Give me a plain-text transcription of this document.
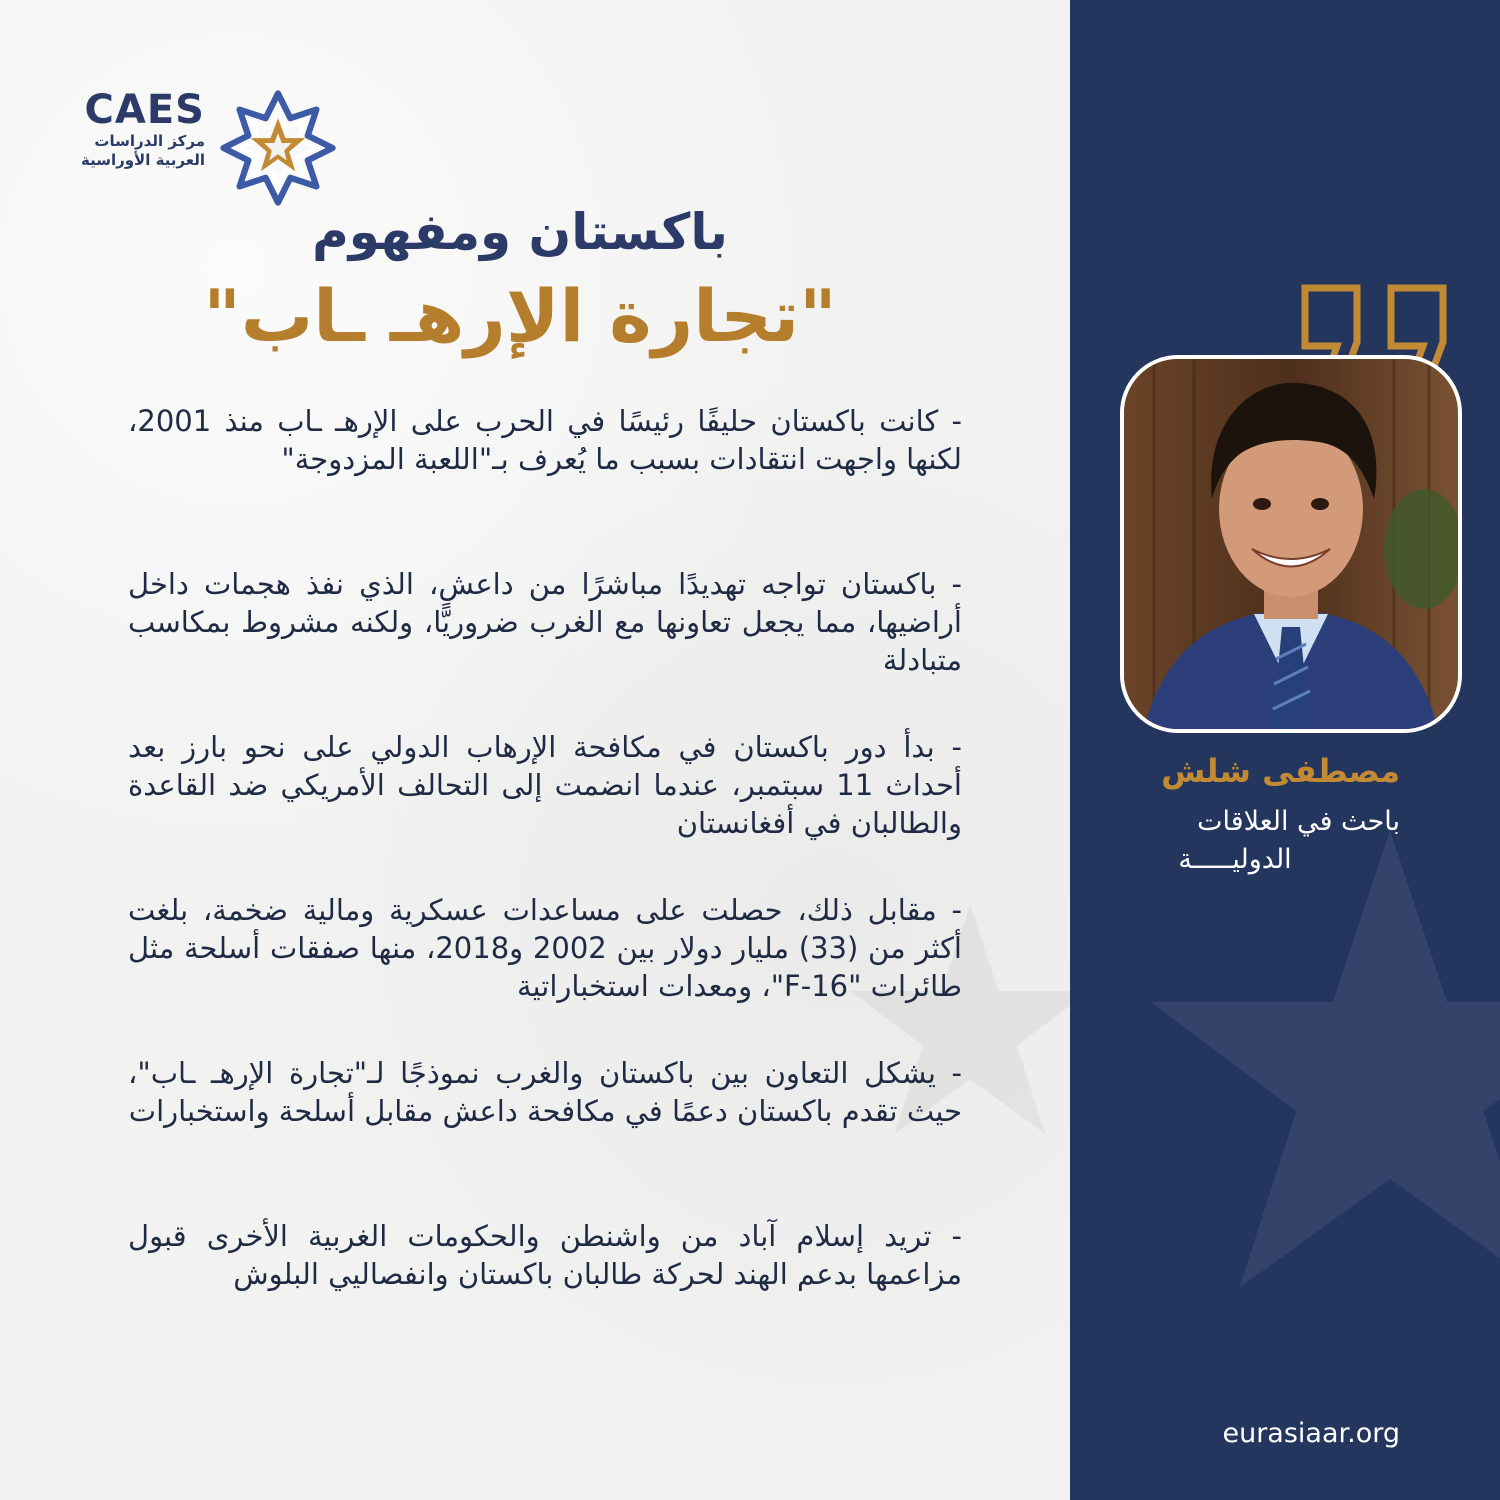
CAES
مركز الدراسات
العربية الأوراسية
باكستان ومفهوم
"تجارة الإرهـ ـاب"

- كانت باكستان حليفًا رئيسًا في الحرب على الإرهـ ـاب منذ 2001، لكنها واجهت انتقادات بسبب ما يُعرف بـ"اللعبة المزدوجة"

- باكستان تواجه تهديدًا مباشرًا من داعش، الذي نفذ هجمات داخل أراضيها، مما يجعل تعاونها مع الغرب ضروريًّا، ولكنه مشروط بمكاسب متبادلة

- بدأ دور باكستان في مكافحة الإرهاب الدولي على نحو بارز بعد أحداث 11 سبتمبر، عندما انضمت إلى التحالف الأمريكي ضد القاعدة والطالبان في أفغانستان

- مقابل ذلك، حصلت على مساعدات عسكرية ومالية ضخمة، بلغت أكثر من (33) مليار دولار بين 2002 و2018، منها صفقات أسلحة مثل طائرات "F-16"، ومعدات استخباراتية

- يشكل التعاون بين باكستان والغرب نموذجًا لـ"تجارة الإرهـ ـاب"، حيث تقدم باكستان دعمًا في مكافحة داعش مقابل أسلحة واستخبارات

- تريد إسلام آباد من واشنطن والحكومات الغربية الأخرى قبول مزاعمها بدعم الهند لحركة طالبان باكستان وانفصاليي البلوش

مصطفى شلش
باحث في العلاقات
الدوليـــــة
eurasiaar.org
